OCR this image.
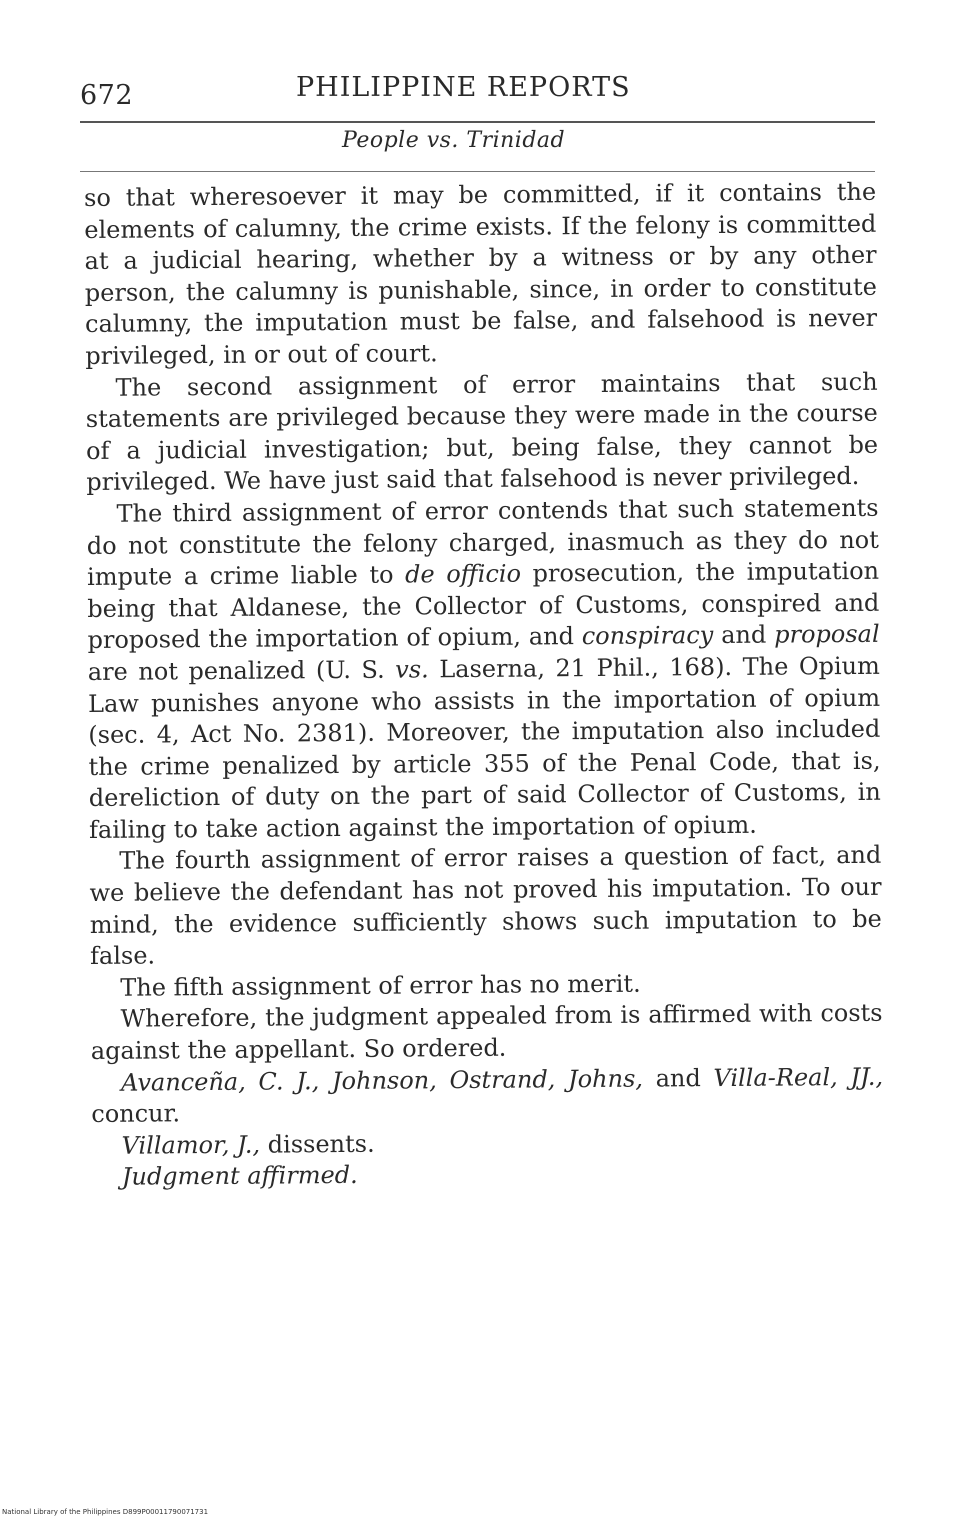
672	PHILIPPINE REPORTS
People vs. Trinidad

so that wheresoever it may be committed, if it contains the elements of calumny, the crime exists. If the felony is committed at a judicial hearing, whether by a witness or by any other person, the calumny is punishable, since, in order to constitute calumny, the imputation must be false, and falsehood is never privileged, in or out of court.

The second assignment of error maintains that such statements are privileged because they were made in the course of a judicial investigation; but, being false, they cannot be privileged. We have just said that falsehood is never privileged.

The third assignment of error contends that such statements do not constitute the felony charged, inasmuch as they do not impute a crime liable to de officio prosecution, the imputation being that Aldanese, the Collector of Customs, conspired and proposed the importation of opium, and conspiracy and proposal are not penalized (U. S. vs. Laserna, 21 Phil., 168). The Opium Law punishes anyone who assists in the importation of opium (sec. 4, Act No. 2381). Moreover, the imputation also included the crime penalized by article 355 of the Penal Code, that is, dereliction of duty on the part of said Collector of Customs, in failing to take action against the importation of opium.

The fourth assignment of error raises a question of fact, and we believe the defendant has not proved his imputation. To our mind, the evidence sufficiently shows such imputation to be false.

The fifth assignment of error has no merit.

Wherefore, the judgment appealed from is affirmed with costs against the appellant. So ordered.

Avanceña, C. J., Johnson, Ostrand, Johns, and Villa-Real, JJ., concur.

Villamor, J., dissents.

Judgment affirmed.

National Library of the Philippines D899P00011790071731
